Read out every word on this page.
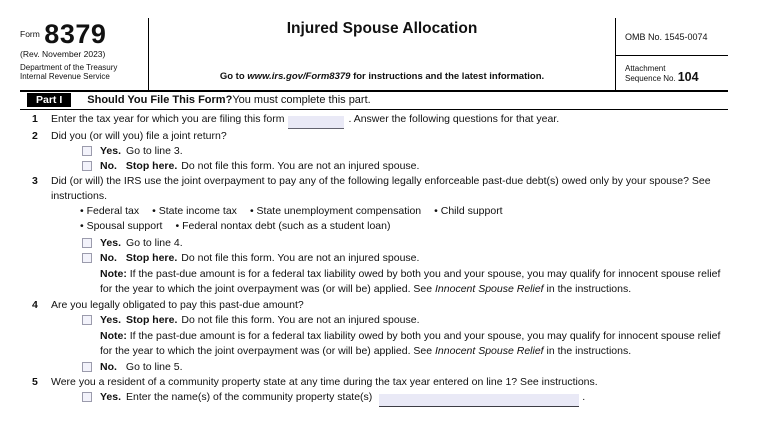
$^{Form}$ 8379
(Rev. November 2023)
Department of the Treasury
Internal Revenue Service
Injured Spouse Allocation
Go to www.irs.gov/Form8379 for instructions and the latest information.
OMB No. 1545-0074
Attachment
Sequence No. 104
Part I	Should You File This Form? You must complete this part.
1	Enter the tax year for which you are filing this form	. Answer the following questions for that year.
2	Did you (or will you) file a joint return?
Yes. Go to line 3.
No. Stop here. Do not file this form. You are not an injured spouse.
3	Did (or will) the IRS use the joint overpayment to pay any of the following legally enforceable past-due debt(s) owed only by your spouse? See instructions.
• Federal tax • State income tax • State unemployment compensation • Child support
• Spousal support • Federal nontax debt (such as a student loan)
Yes. Go to line 4.
No. Stop here. Do not file this form. You are not an injured spouse.
Note: If the past-due amount is for a federal tax liability owed by both you and your spouse, you may qualify for innocent spouse relief for the year to which the joint overpayment was (or will be) applied. See Innocent Spouse Relief in the instructions.
4	Are you legally obligated to pay this past-due amount?
Yes. Stop here. Do not file this form. You are not an injured spouse.
Note: If the past-due amount is for a federal tax liability owed by both you and your spouse, you may qualify for innocent spouse relief for the year to which the joint overpayment was (or will be) applied. See Innocent Spouse Relief in the instructions.
No. Go to line 5.
5	Were you a resident of a community property state at any time during the tax year entered on line 1? See instructions.
Yes. Enter the name(s) of the community property state(s)	.
